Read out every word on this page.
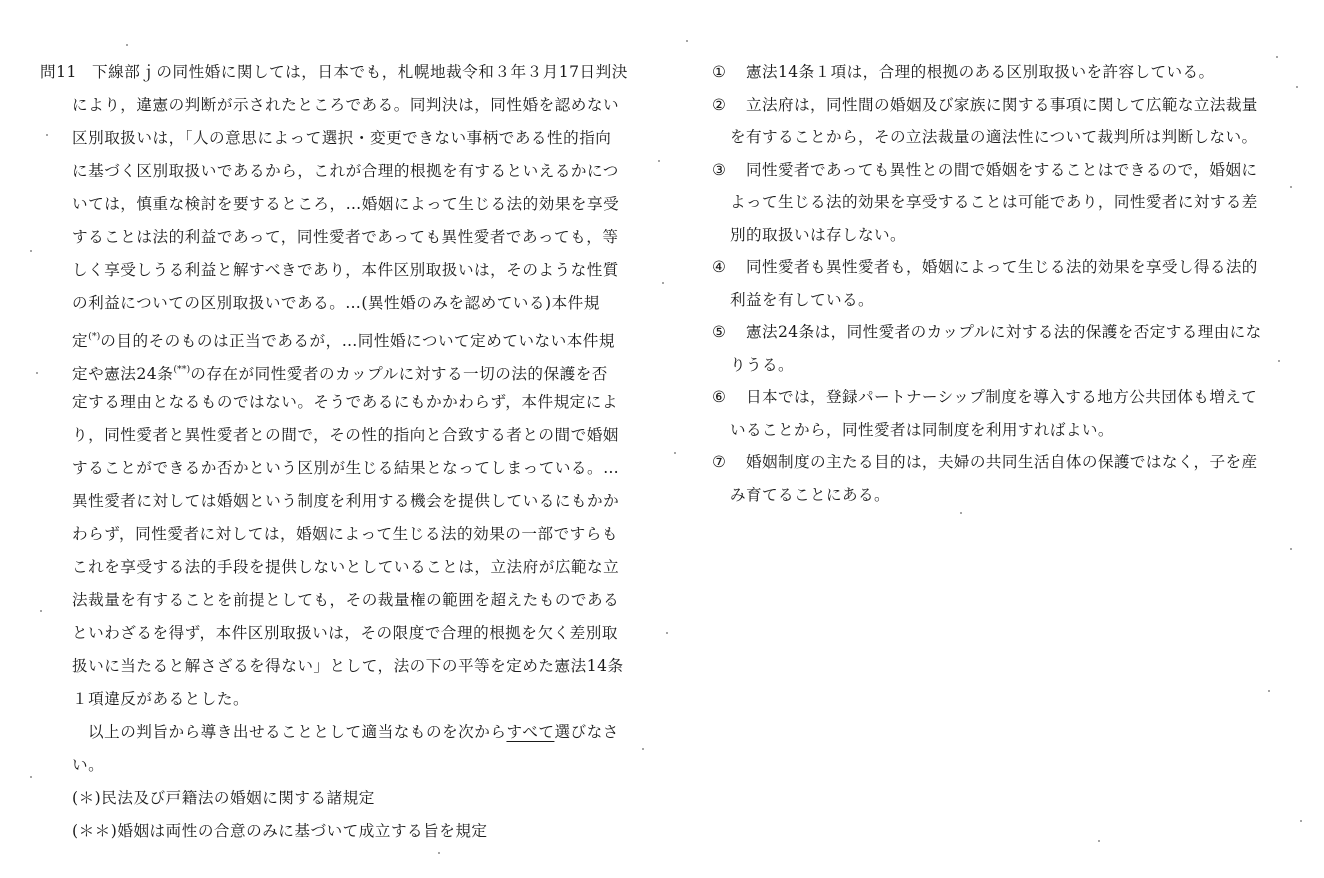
問11 下線部ｊの同性婚に関しては，日本でも，札幌地裁令和３年３月17日判決
により，違憲の判断が示されたところである。同判決は，同性婚を認めない
区別取扱いは，「人の意思によって選択・変更できない事柄である性的指向
に基づく区別取扱いであるから，これが合理的根拠を有するといえるかにつ
いては，慎重な検討を要するところ，…婚姻によって生じる法的効果を享受
することは法的利益であって，同性愛者であっても異性愛者であっても，等
しく享受しうる利益と解すべきであり，本件区別取扱いは，そのような性質
の利益についての区別取扱いである。…(異性婚のみを認めている)本件規
定(*)の目的そのものは正当であるが，…同性婚について定めていない本件規
定や憲法24条(**)の存在が同性愛者のカップルに対する一切の法的保護を否
定する理由となるものではない。そうであるにもかかわらず，本件規定によ
り，同性愛者と異性愛者との間で，その性的指向と合致する者との間で婚姻
することができるか否かという区別が生じる結果となってしまっている。…
異性愛者に対しては婚姻という制度を利用する機会を提供しているにもかか
わらず，同性愛者に対しては，婚姻によって生じる法的効果の一部ですらも
これを享受する法的手段を提供しないとしていることは，立法府が広範な立
法裁量を有することを前提としても，その裁量権の範囲を超えたものである
といわざるを得ず，本件区別取扱いは，その限度で合理的根拠を欠く差別取
扱いに当たると解さざるを得ない」として，法の下の平等を定めた憲法14条
１項違反があるとした。
以上の判旨から導き出せることとして適当なものを次からすべて選びなさ
い。
(＊)民法及び戸籍法の婚姻に関する諸規定
(＊＊)婚姻は両性の合意のみに基づいて成立する旨を規定
① 憲法14条１項は，合理的根拠のある区別取扱いを許容している。
② 立法府は，同性間の婚姻及び家族に関する事項に関して広範な立法裁量
を有することから，その立法裁量の適法性について裁判所は判断しない。
③ 同性愛者であっても異性との間で婚姻をすることはできるので，婚姻に
よって生じる法的効果を享受することは可能であり，同性愛者に対する差
別的取扱いは存しない。
④ 同性愛者も異性愛者も，婚姻によって生じる法的効果を享受し得る法的
利益を有している。
⑤ 憲法24条は，同性愛者のカップルに対する法的保護を否定する理由にな
りうる。
⑥ 日本では，登録パートナーシップ制度を導入する地方公共団体も増えて
いることから，同性愛者は同制度を利用すればよい。
⑦ 婚姻制度の主たる目的は，夫婦の共同生活自体の保護ではなく，子を産
み育てることにある。
